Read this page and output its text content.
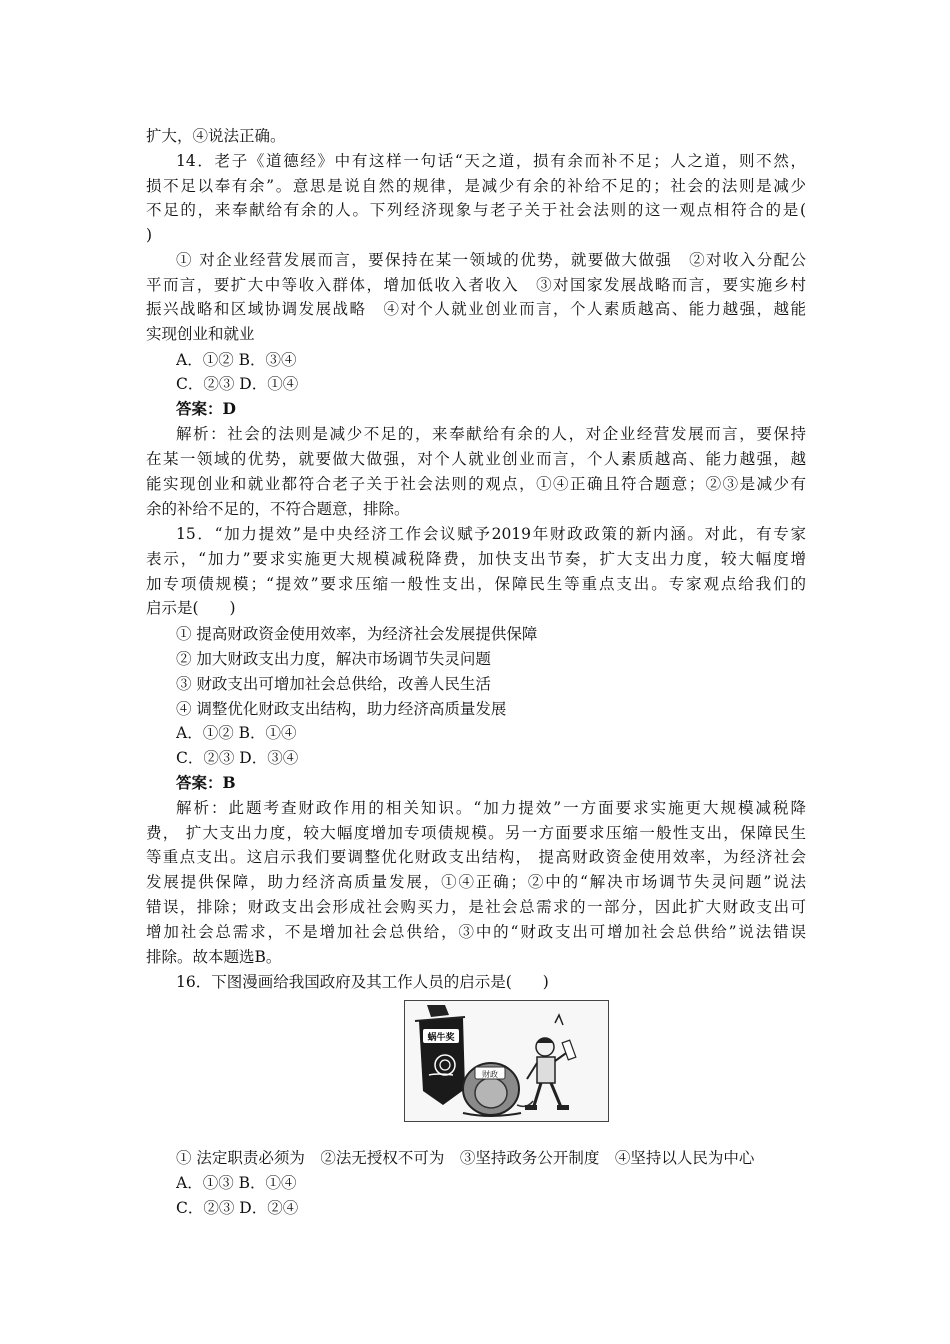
扩大，④说法正确。
14．老子《道德经》中有这样一句话“天之道，损有余而补不足；人之道，则不然，
损不足以奉有余”。意思是说自然的规律，是减少有余的补给不足的；社会的法则是减少
不足的，来奉献给有余的人。下列经济现象与老子关于社会法则的这一观点相符合的是(
)
① 对企业经营发展而言，要保持在某一领域的优势，就要做大做强　②对收入分配公
平而言，要扩大中等收入群体，增加低收入者收入　③对国家发展战略而言，要实施乡村
振兴战略和区域协调发展战略　④对个人就业创业而言，个人素质越高、能力越强，越能
实现创业和就业
A．①② B．③④
C．②③ D．①④
答案：D
解析：社会的法则是减少不足的，来奉献给有余的人，对企业经营发展而言，要保持
在某一领域的优势，就要做大做强，对个人就业创业而言，个人素质越高、能力越强，越
能实现创业和就业都符合老子关于社会法则的观点，①④正确且符合题意；②③是减少有
余的补给不足的，不符合题意，排除。
15．“加力提效”是中央经济工作会议赋予2019年财政政策的新内涵。对此，有专家
表示，“加力”要求实施更大规模减税降费，加快支出节奏，扩大支出力度，较大幅度增
加专项债规模；“提效”要求压缩一般性支出，保障民生等重点支出。专家观点给我们的
启示是(　　)
① 提高财政资金使用效率，为经济社会发展提供保障
② 加大财政支出力度，解决市场调节失灵问题
③ 财政支出可增加社会总供给，改善人民生活
④ 调整优化财政支出结构，助力经济高质量发展
A．①② B．①④
C．②③ D．③④
答案：B
解析：此题考查财政作用的相关知识。“加力提效”一方面要求实施更大规模减税降
费， 扩大支出力度，较大幅度增加专项债规模。另一方面要求压缩一般性支出，保障民生
等重点支出。这启示我们要调整优化财政支出结构， 提高财政资金使用效率，为经济社会
发展提供保障，助力经济高质量发展，①④正确；②中的“解决市场调节失灵问题”说法
错误，排除；财政支出会形成社会购买力，是社会总需求的一部分，因此扩大财政支出可
增加社会总需求，不是增加社会总供给，③中的“财政支出可增加社会总供给”说法错误
排除。故本题选B。
16．下图漫画给我国政府及其工作人员的启示是(　　)
蜗牛奖
财政
① 法定职责必须为　②法无授权不可为　③坚持政务公开制度　④坚持以人民为中心
A．①③ B．①④
C．②③ D．②④
